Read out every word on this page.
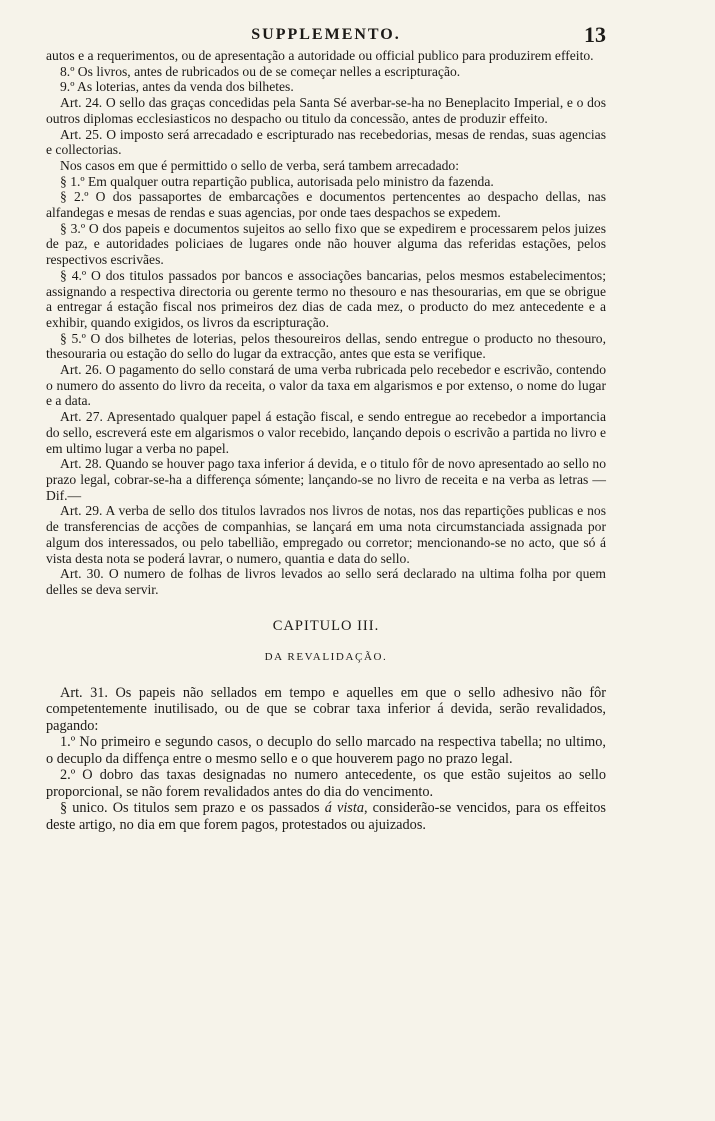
SUPPLEMENTO.	13

autos e a requerimentos, ou de apresentação a autoridade ou official publico para produzirem effeito.

8.º Os livros, antes de rubricados ou de se começar nelles a escripturação.

9.º As loterias, antes da venda dos bilhetes.

Art. 24. O sello das graças concedidas pela Santa Sé averbar-se-ha no Beneplacito Imperial, e o dos outros diplomas ecclesiasticos no despacho ou titulo da concessão, antes de produzir effeito.

Art. 25. O imposto será arrecadado e escripturado nas recebedorias, mesas de rendas, suas agencias e collectorias.

Nos casos em que é permittido o sello de verba, será tambem arrecadado:

§ 1.º Em qualquer outra repartição publica, autorisada pelo ministro da fazenda.

§ 2.º O dos passaportes de embarcações e documentos pertencentes ao despacho dellas, nas alfandegas e mesas de rendas e suas agencias, por onde taes despachos se expedem.

§ 3.º O dos papeis e documentos sujeitos ao sello fixo que se expedirem e processarem pelos juizes de paz, e autoridades policiaes de lugares onde não houver alguma das referidas estações, pelos respectivos escrivães.

§ 4.º O dos titulos passados por bancos e associações bancarias, pelos mesmos estabelecimentos; assignando a respectiva directoria ou gerente termo no thesouro e nas thesourarias, em que se obrigue a entregar á estação fiscal nos primeiros dez dias de cada mez, o producto do mez antecedente e a exhibir, quando exigidos, os livros da escripturação.

§ 5.º O dos bilhetes de loterias, pelos thesoureiros dellas, sendo entregue o producto no thesouro, thesouraria ou estação do sello do lugar da extracção, antes que esta se verifique.

Art. 26. O pagamento do sello constará de uma verba rubricada pelo recebedor e escrivão, contendo o numero do assento do livro da receita, o valor da taxa em algarismos e por extenso, o nome do lugar e a data.

Art. 27. Apresentado qualquer papel á estação fiscal, e sendo entregue ao recebedor a importancia do sello, escreverá este em algarismos o valor recebido, lançando depois o escrivão a partida no livro e em ultimo lugar a verba no papel.

Art. 28. Quando se houver pago taxa inferior á devida, e o titulo fôr de novo apresentado ao sello no prazo legal, cobrar-se-ha a differença sómente; lançando-se no livro de receita e na verba as letras —Dif.—

Art. 29. A verba de sello dos titulos lavrados nos livros de notas, nos das repartições publicas e nos de transferencias de acções de companhias, se lançará em uma nota circumstanciada assignada por algum dos interessados, ou pelo tabellião, empregado ou corretor; mencionando-se no acto, que só á vista desta nota se poderá lavrar, o numero, quantia e data do sello.

Art. 30. O numero de folhas de livros levados ao sello será declarado na ultima folha por quem delles se deva servir.

CAPITULO III.
DA REVALIDAÇÃO.

Art. 31. Os papeis não sellados em tempo e aquelles em que o sello adhesivo não fôr competentemente inutilisado, ou de que se cobrar taxa inferior á devida, serão revalidados, pagando:

1.º No primeiro e segundo casos, o decuplo do sello marcado na respectiva tabella; no ultimo, o decuplo da diffença entre o mesmo sello e o que houverem pago no prazo legal.

2.º O dobro das taxas designadas no numero antecedente, os que estão sujeitos ao sello proporcional, se não forem revalidados antes do dia do vencimento.

§ unico. Os titulos sem prazo e os passados á vista, considerão-se vencidos, para os effeitos deste artigo, no dia em que forem pagos, protestados ou ajuizados.
